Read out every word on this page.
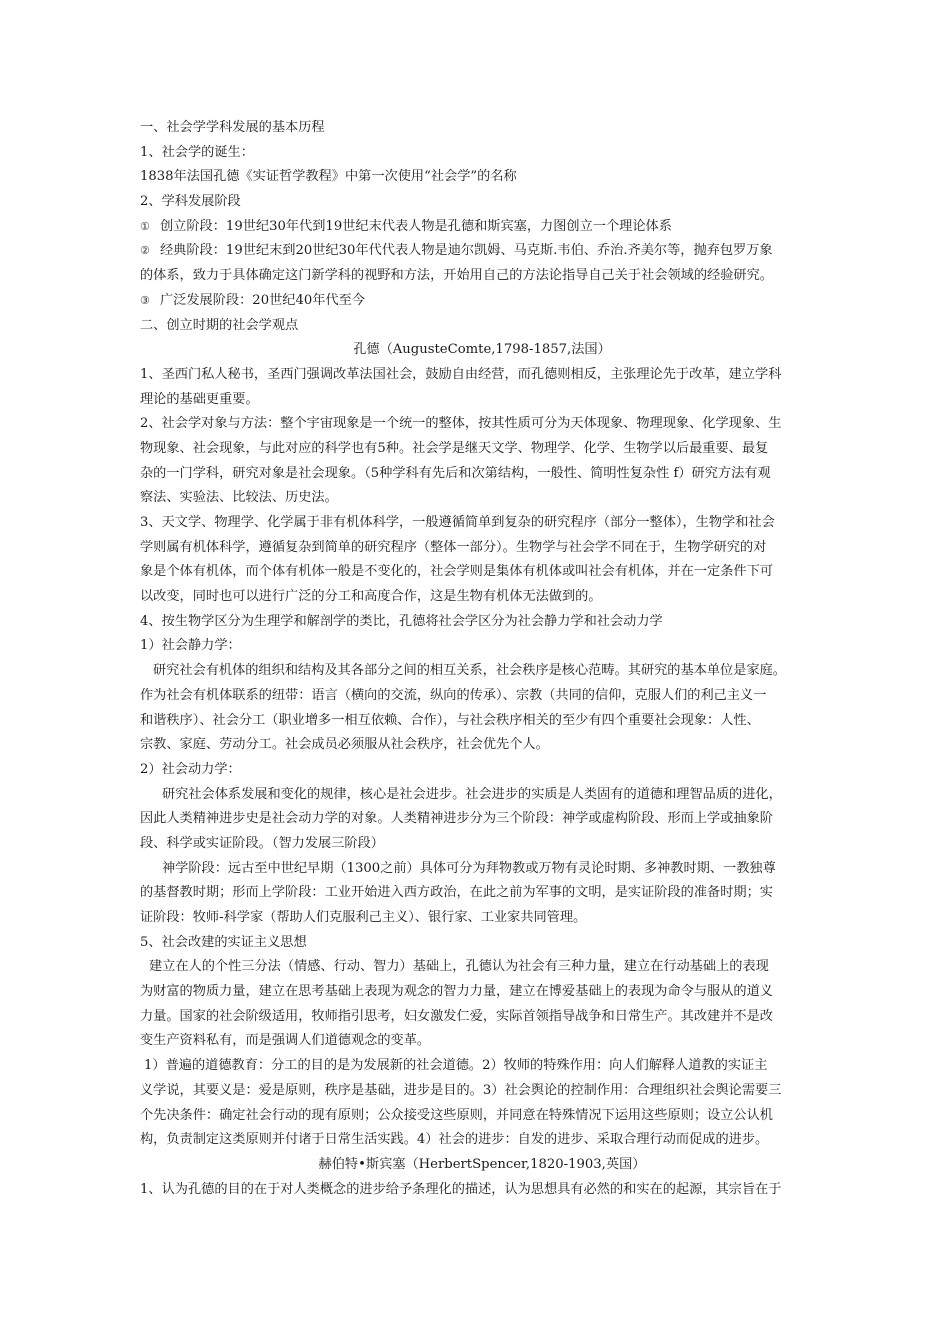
一、社会学学科发展的基本历程
1、社会学的诞生：
1838年法国孔德《实证哲学教程》中第一次使用“社会学”的名称
2、学科发展阶段
① 创立阶段：19世纪30年代到19世纪末代表人物是孔德和斯宾塞，力图创立一个理论体系
② 经典阶段：19世纪末到20世纪30年代代表人物是迪尔凯姆、马克斯.韦伯、乔治.齐美尔等，抛弃包罗万象
的体系，致力于具体确定这门新学科的视野和方法，开始用自己的方法论指导自己关于社会领域的经验研究。
③ 广泛发展阶段：20世纪40年代至今
二、创立时期的社会学观点
孔德（AugusteComte,1798-1857,法国）
1、圣西门私人秘书，圣西门强调改革法国社会，鼓励自由经营，而孔德则相反，主张理论先于改革，建立学科
理论的基础更重要。
2、社会学对象与方法：整个宇宙现象是一个统一的整体，按其性质可分为天体现象、物理现象、化学现象、生
物现象、社会现象，与此对应的科学也有5种。社会学是继天文学、物理学、化学、生物学以后最重要、最复
杂的一门学科，研究对象是社会现象。（5种学科有先后和次第结构，一般性、简明性复杂性 f）研究方法有观
察法、实验法、比较法、历史法。
3、天文学、物理学、化学属于非有机体科学，一般遵循简单到复杂的研究程序（部分一整体），生物学和社会
学则属有机体科学，遵循复杂到简单的研究程序（整体一部分）。生物学与社会学不同在于，生物学研究的对
象是个体有机体，而个体有机体一般是不变化的，社会学则是集体有机体或叫社会有机体，并在一定条件下可
以改变，同时也可以进行广泛的分工和高度合作，这是生物有机体无法做到的。
4、按生物学区分为生理学和解剖学的类比，孔德将社会学区分为社会静力学和社会动力学
1）社会静力学：
研究社会有机体的组织和结构及其各部分之间的相互关系，社会秩序是核心范畴。其研究的基本单位是家庭。
作为社会有机体联系的纽带：语言（横向的交流，纵向的传承）、宗教（共同的信仰，克服人们的利己主义一
和谐秩序）、社会分工（职业增多一相互依赖、合作），与社会秩序相关的至少有四个重要社会现象：人性、
宗教、家庭、劳动分工。社会成员必须服从社会秩序，社会优先个人。
2）社会动力学：
研究社会体系发展和变化的规律，核心是社会进步。社会进步的实质是人类固有的道德和理智品质的进化，
因此人类精神进步史是社会动力学的对象。人类精神进步分为三个阶段：神学或虚构阶段、形而上学或抽象阶
段、科学或实证阶段。（智力发展三阶段）
神学阶段：远古至中世纪早期（1300之前）具体可分为拜物教或万物有灵论时期、多神教时期、一教独尊
的基督教时期；形而上学阶段：工业开始进入西方政治，在此之前为军事的文明，是实证阶段的准备时期；实
证阶段：牧师-科学家（帮助人们克服利己主义）、银行家、工业家共同管理。
5、社会改建的实证主义思想
建立在人的个性三分法（情感、行动、智力）基础上，孔德认为社会有三种力量，建立在行动基础上的表现
为财富的物质力量，建立在思考基础上表现为观念的智力力量，建立在博爱基础上的表现为命令与服从的道义
力量。国家的社会阶级适用，牧师指引思考，妇女激发仁爱，实际首领指导战争和日常生产。其改建并不是改
变生产资料私有，而是强调人们道德观念的变革。
1）普遍的道德教育：分工的目的是为发展新的社会道德。2）牧师的特殊作用：向人们解释人道教的实证主
义学说，其要义是：爱是原则，秩序是基础，进步是目的。3）社会舆论的控制作用：合理组织社会舆论需要三
个先决条件：确定社会行动的现有原则；公众接受这些原则，并同意在特殊情况下运用这些原则；设立公认机
构，负责制定这类原则并付诸于日常生活实践。4）社会的进步：自发的进步、采取合理行动而促成的进步。
赫伯特•斯宾塞（HerbertSpencer,1820-1903,英国）
1、认为孔德的目的在于对人类概念的进步给予条理化的描述，认为思想具有必然的和实在的起源，其宗旨在于
